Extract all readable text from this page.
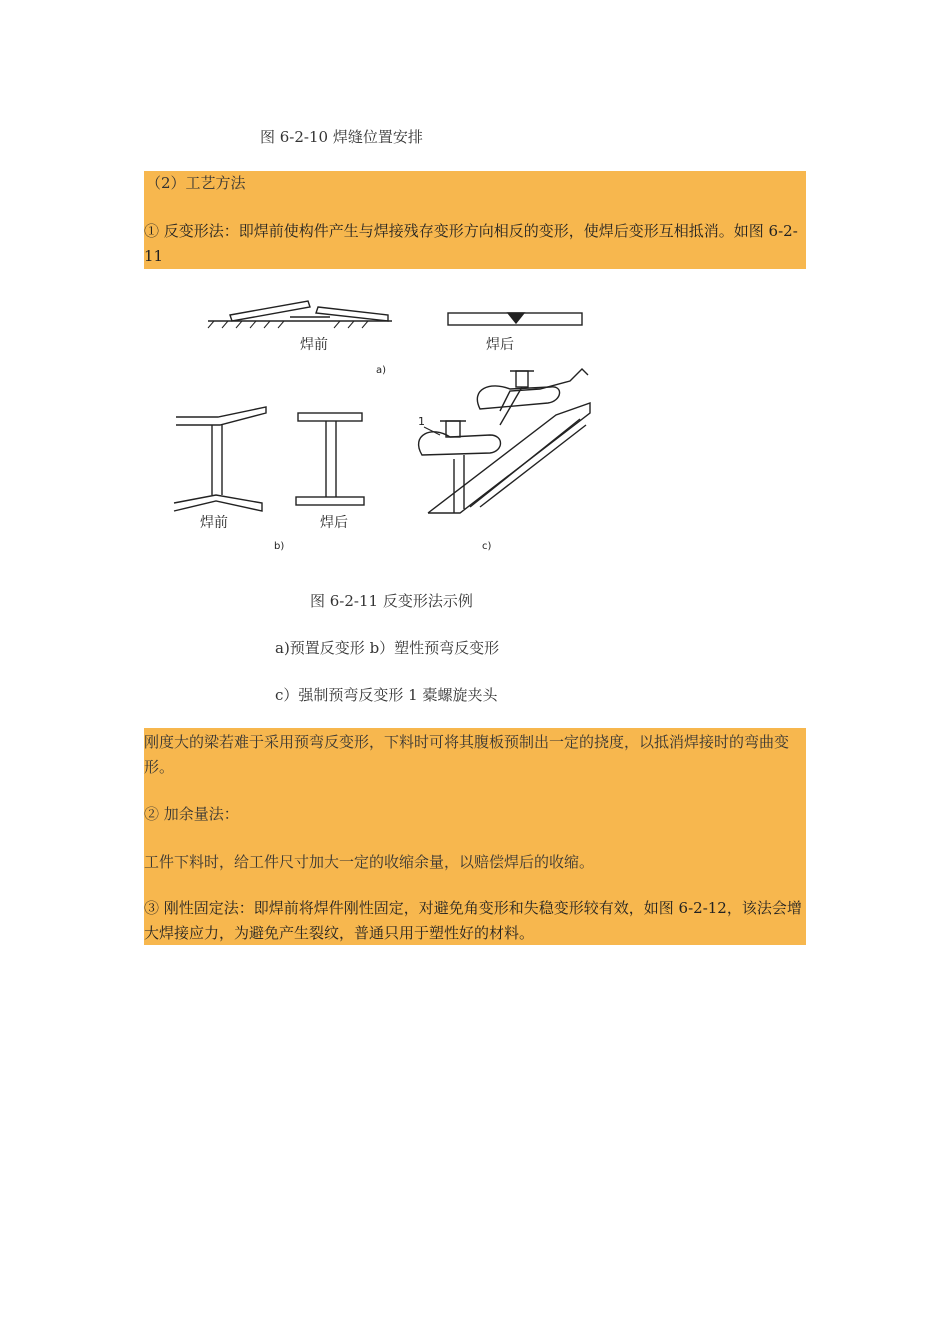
图 6-2-10 焊缝位置安排
（2）工艺方法
① 反变形法：即焊前使构件产生与焊接残存变形方向相反的变形，使焊后变形互相抵消。如图 6-2-11
焊前	焊后
a)
焊前	焊后
b)	c)
1
图 6-2-11 反变形法示例
a)预置反变形 b）塑性预弯反变形
c）强制预弯反变形 1 橐螺旋夹头
刚度大的梁若难于采用预弯反变形，下料时可将其腹板预制出一定的挠度，以抵消焊接时的弯曲变形。
② 加余量法：
工件下料时，给工件尺寸加大一定的收缩余量，以赔偿焊后的收缩。
③ 刚性固定法：即焊前将焊件刚性固定，对避免角变形和失稳变形较有效，如图 6-2-12，该法会增大焊接应力，为避免产生裂纹，普通只用于塑性好的材料。
